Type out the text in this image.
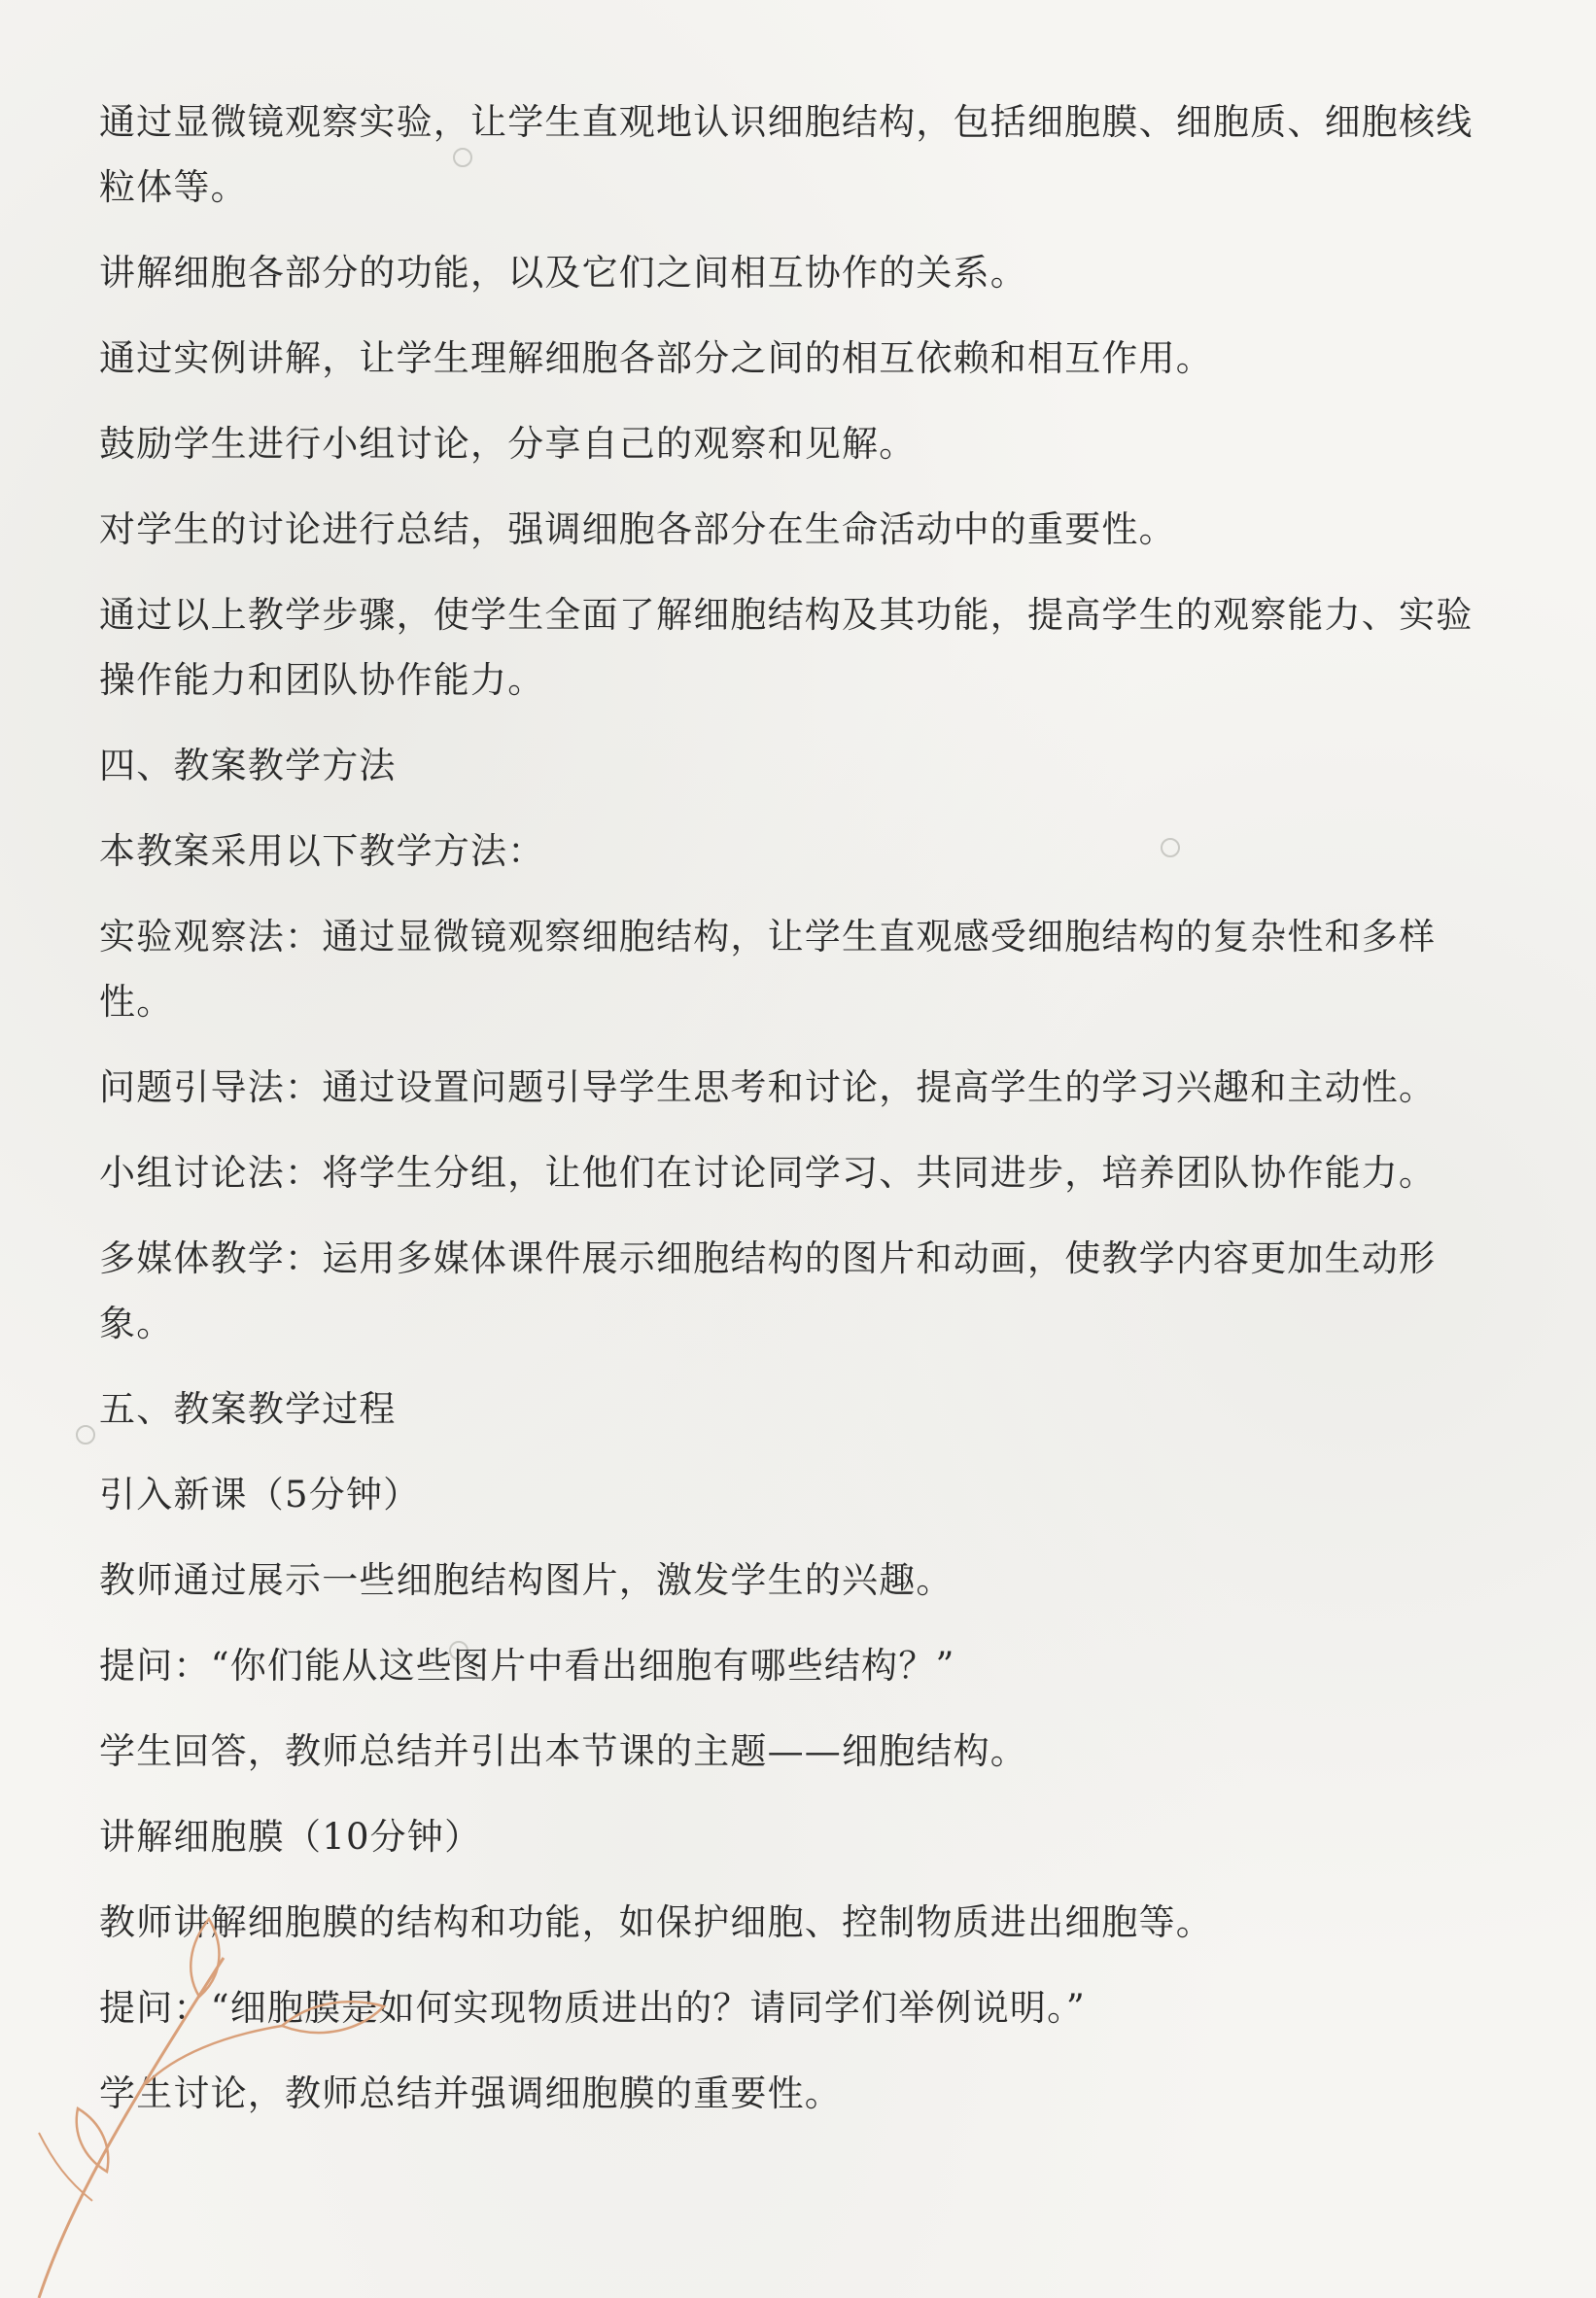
通过显微镜观察实验，让学生直观地认识细胞结构，包括细胞膜、细胞质、细胞核线粒体等。

讲解细胞各部分的功能，以及它们之间相互协作的关系。

通过实例讲解，让学生理解细胞各部分之间的相互依赖和相互作用。

鼓励学生进行小组讨论，分享自己的观察和见解。

对学生的讨论进行总结，强调细胞各部分在生命活动中的重要性。

通过以上教学步骤，使学生全面了解细胞结构及其功能，提高学生的观察能力、实验操作能力和团队协作能力。

四、教案教学方法

本教案采用以下教学方法：

实验观察法：通过显微镜观察细胞结构，让学生直观感受细胞结构的复杂性和多样性。

问题引导法：通过设置问题引导学生思考和讨论，提高学生的学习兴趣和主动性。

小组讨论法：将学生分组，让他们在讨论同学习、共同进步，培养团队协作能力。

多媒体教学：运用多媒体课件展示细胞结构的图片和动画，使教学内容更加生动形象。

五、教案教学过程

引入新课（5分钟）

教师通过展示一些细胞结构图片，激发学生的兴趣。

提问：“你们能从这些图片中看出细胞有哪些结构？”

学生回答，教师总结并引出本节课的主题——细胞结构。

讲解细胞膜（10分钟）

教师讲解细胞膜的结构和功能，如保护细胞、控制物质进出细胞等。

提问：“细胞膜是如何实现物质进出的？请同学们举例说明。”

学生讨论，教师总结并强调细胞膜的重要性。
